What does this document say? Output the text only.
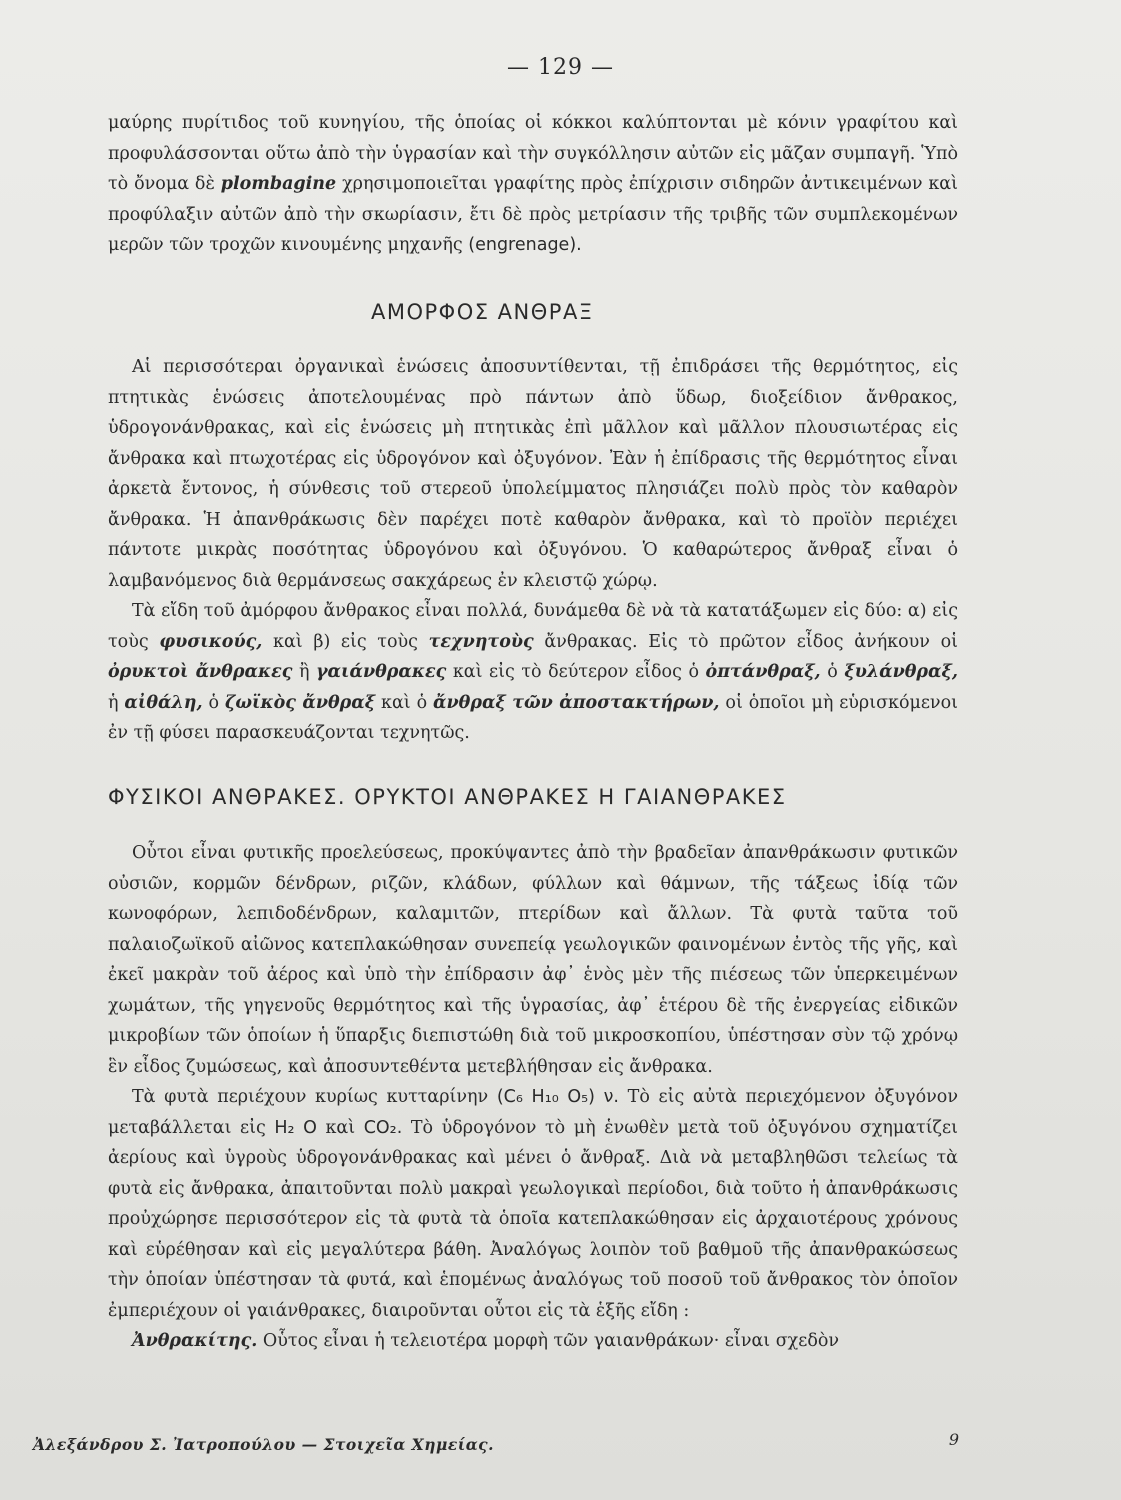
— 129 —

μαύρης πυρίτιδος τοῦ κυνηγίου, τῆς ὁποίας οἱ κόκκοι καλύπτονται μὲ κόνιν γραφίτου καὶ προφυλάσσονται οὕτω ἀπὸ τὴν ὑγρασίαν καὶ τὴν συγκόλλησιν αὐτῶν εἰς μᾶζαν συμπαγῆ. Ὑπὸ τὸ ὄνομα δὲ plombagine χρησιμοποιεῖται γραφίτης πρὸς ἐπίχρισιν σιδηρῶν ἀντικειμένων καὶ προφύλαξιν αὐτῶν ἀπὸ τὴν σκωρίασιν, ἔτι δὲ πρὸς μετρίασιν τῆς τριβῆς τῶν συμπλεκομένων μερῶν τῶν τροχῶν κινουμένης μηχανῆς (engrenage).

ΑΜΟΡΦΟΣ ΑΝΘΡΑΞ

Αἱ περισσότεραι ὀργανικαὶ ἑνώσεις ἀποσυντίθενται, τῇ ἐπιδράσει τῆς θερμότητος, εἰς πτητικὰς ἑνώσεις ἀποτελουμένας πρὸ πάντων ἀπὸ ὕδωρ, διοξείδιον ἄνθρακος, ὑδρογονάνθρακας, καὶ εἰς ἑνώσεις μὴ πτητικὰς ἐπὶ μᾶλλον καὶ μᾶλλον πλουσιωτέρας εἰς ἄνθρακα καὶ πτωχοτέρας εἰς ὑδρογόνον καὶ ὀξυγόνον. Ἐὰν ἡ ἐπίδρασις τῆς θερμότητος εἶναι ἀρκετὰ ἔντονος, ἡ σύνθεσις τοῦ στερεοῦ ὑπολείμματος πλησιάζει πολὺ πρὸς τὸν καθαρὸν ἄνθρακα. Ἡ ἀπανθράκωσις δὲν παρέχει ποτὲ καθαρὸν ἄνθρακα, καὶ τὸ προϊὸν περιέχει πάντοτε μικρὰς ποσότητας ὑδρογόνου καὶ ὀξυγόνου. Ὁ καθαρώτερος ἄνθραξ εἶναι ὁ λαμβανόμενος διὰ θερμάνσεως σακχάρεως ἐν κλειστῷ χώρῳ.

Τὰ εἴδη τοῦ ἀμόρφου ἄνθρακος εἶναι πολλά, δυνάμεθα δὲ νὰ τὰ κατατάξωμεν εἰς δύο: α) εἰς τοὺς φυσικούς, καὶ β) εἰς τοὺς τεχνητοὺς ἄνθρακας. Εἰς τὸ πρῶτον εἶδος ἀνήκουν οἱ ὀρυκτοὶ ἄνθρακες ἢ γαιάνθρακες καὶ εἰς τὸ δεύτερον εἶδος ὁ ὀπτάνθραξ, ὁ ξυλάνθραξ, ἡ αἰθάλη, ὁ ζωϊκὸς ἄνθραξ καὶ ὁ ἄνθραξ τῶν ἀποστακτήρων, οἱ ὁποῖοι μὴ εὑρισκόμενοι ἐν τῇ φύσει παρασκευάζονται τεχνητῶς.

ΦΥΣΙΚΟΙ ΑΝΘΡΑΚΕΣ. ΟΡΥΚΤΟΙ ΑΝΘΡΑΚΕΣ Η ΓΑΙΑΝΘΡΑΚΕΣ

Οὗτοι εἶναι φυτικῆς προελεύσεως, προκύψαντες ἀπὸ τὴν βραδεῖαν ἀπανθράκωσιν φυτικῶν οὐσιῶν, κορμῶν δένδρων, ριζῶν, κλάδων, φύλλων καὶ θάμνων, τῆς τάξεως ἰδίᾳ τῶν κωνοφόρων, λεπιδοδένδρων, καλαμιτῶν, πτερίδων καὶ ἄλλων. Τὰ φυτὰ ταῦτα τοῦ παλαιοζωϊκοῦ αἰῶνος κατεπλακώθησαν συνεπείᾳ γεωλογικῶν φαινομένων ἐντὸς τῆς γῆς, καὶ ἐκεῖ μακρὰν τοῦ ἀέρος καὶ ὑπὸ τὴν ἐπίδρασιν ἀφ᾿ ἑνὸς μὲν τῆς πιέσεως τῶν ὑπερκειμένων χωμάτων, τῆς γηγενοῦς θερμότητος καὶ τῆς ὑγρασίας, ἀφ᾿ ἑτέρου δὲ τῆς ἐνεργείας εἰδικῶν μικροβίων τῶν ὁποίων ἡ ὕπαρξις διεπιστώθη διὰ τοῦ μικροσκοπίου, ὑπέστησαν σὺν τῷ χρόνῳ ἓν εἶδος ζυμώσεως, καὶ ἀποσυντεθέντα μετεβλήθησαν εἰς ἄνθρακα.

Τὰ φυτὰ περιέχουν κυρίως κυτταρίνην (C₆ H₁₀ O₅) ν. Τὸ εἰς αὐτὰ περιεχόμενον ὀξυγόνον μεταβάλλεται εἰς H₂ O καὶ CO₂. Τὸ ὑδρογόνον τὸ μὴ ἑνωθὲν μετὰ τοῦ ὀξυγόνου σχηματίζει ἀερίους καὶ ὑγροὺς ὑδρογονάνθρακας καὶ μένει ὁ ἄνθραξ. Διὰ νὰ μεταβληθῶσι τελείως τὰ φυτὰ εἰς ἄνθρακα, ἀπαιτοῦνται πολὺ μακραὶ γεωλογικαὶ περίοδοι, διὰ τοῦτο ἡ ἀπανθράκωσις προὐχώρησε περισσότερον εἰς τὰ φυτὰ τὰ ὁποῖα κατεπλακώθησαν εἰς ἀρχαιοτέρους χρόνους καὶ εὑρέθησαν καὶ εἰς μεγαλύτερα βάθη. Ἀναλόγως λοιπὸν τοῦ βαθμοῦ τῆς ἀπανθρακώσεως τὴν ὁποίαν ὑπέστησαν τὰ φυτά, καὶ ἑπομένως ἀναλόγως τοῦ ποσοῦ τοῦ ἄνθρακος τὸν ὁποῖον ἐμπεριέχουν οἱ γαιάνθρακες, διαιροῦνται οὗτοι εἰς τὰ ἑξῆς εἴδη :

Ἀνθρακίτης. Οὗτος εἶναι ἡ τελειοτέρα μορφὴ τῶν γαιανθράκων· εἶναι σχεδὸν

Ἀλεξάνδρου Σ. Ἰατροπούλου — Στοιχεῖα Χημείας.	9
